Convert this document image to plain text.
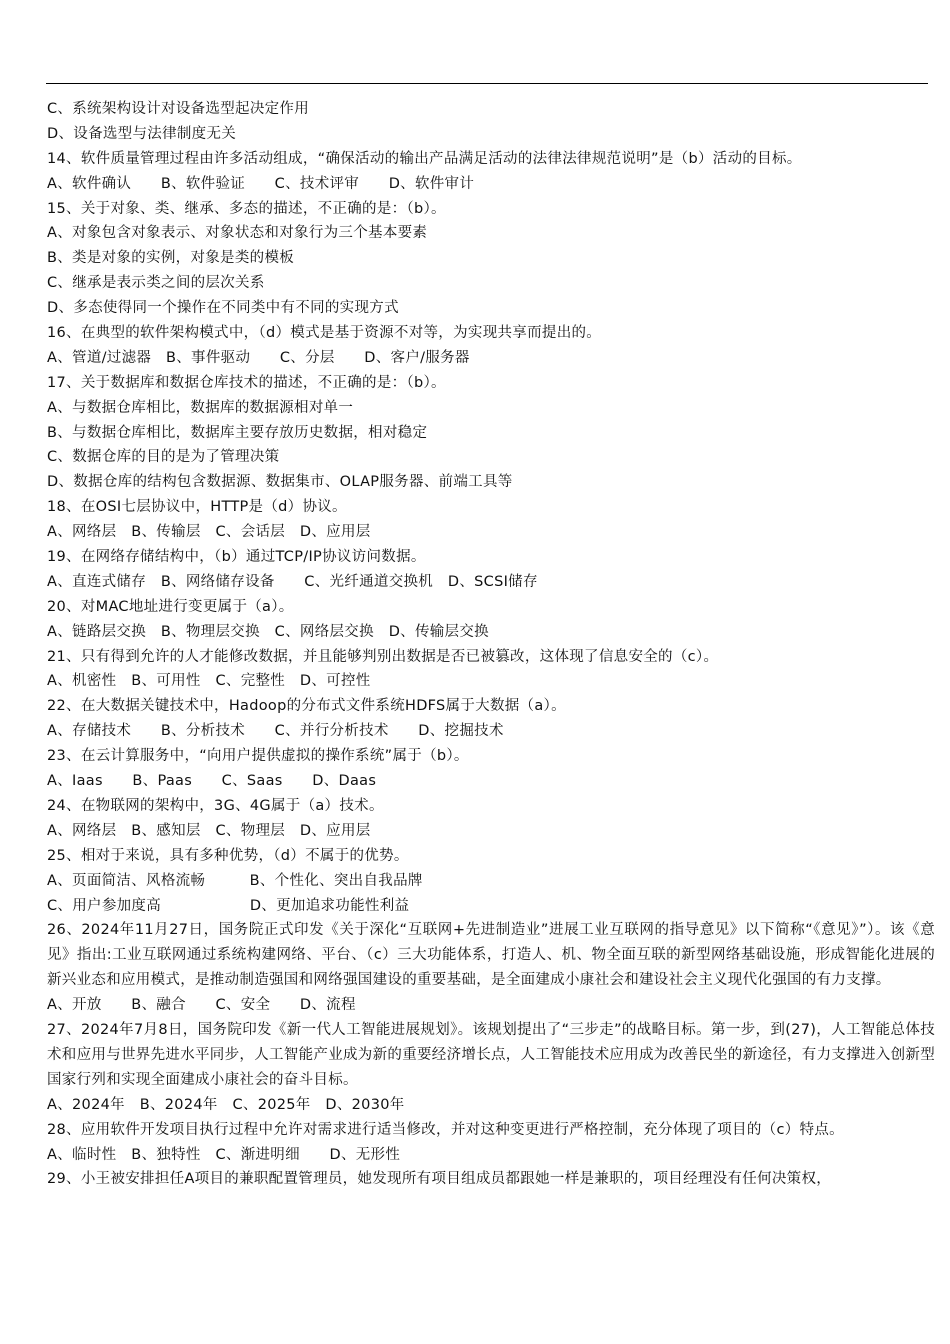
C、系统架构设计对设备选型起决定作用
D、设备选型与法律制度无关
14、软件质量管理过程由许多活动组成，“确保活动的输出产品满足活动的法律法律规范说明”是（b）活动的目标。
A、软件确认　　B、软件验证　　C、技术评审　　D、软件审计
15、关于对象、类、继承、多态的描述，不正确的是：（b）。
A、对象包含对象表示、对象状态和对象行为三个基本要素
B、类是对象的实例，对象是类的模板
C、继承是表示类之间的层次关系
D、多态使得同一个操作在不同类中有不同的实现方式
16、在典型的软件架构模式中，（d）模式是基于资源不对等，为实现共享而提出的。
A、管道/过滤器　B、事件驱动　　C、分层　　D、客户/服务器
17、关于数据库和数据仓库技术的描述，不正确的是：（b）。
A、与数据仓库相比，数据库的数据源相对单一
B、与数据仓库相比，数据库主要存放历史数据，相对稳定
C、数据仓库的目的是为了管理决策
D、数据仓库的结构包含数据源、数据集市、OLAP服务器、前端工具等
18、在OSI七层协议中，HTTP是（d）协议。
A、网络层　B、传输层　C、会话层　D、应用层
19、在网络存储结构中，（b）通过TCP/IP协议访问数据。
A、直连式储存　B、网络储存设备　　C、光纤通道交换机　D、SCSI储存
20、对MAC地址进行变更属于（a）。
A、链路层交换　B、物理层交换　C、网络层交换　D、传输层交换
21、只有得到允许的人才能修改数据，并且能够判别出数据是否已被篡改，这体现了信息安全的（c）。
A、机密性　B、可用性　C、完整性　D、可控性
22、在大数据关键技术中，Hadoop的分布式文件系统HDFS属于大数据（a）。
A、存储技术　　B、分析技术　　C、并行分析技术　　D、挖掘技术
23、在云计算服务中，“向用户提供虚拟的操作系统”属于（b）。
A、Iaas　　B、Paas　　C、Saas　　D、Daas
24、在物联网的架构中，3G、4G属于（a）技术。
A、网络层　B、感知层　C、物理层　D、应用层
25、相对于来说，具有多种优势，（d）不属于的优势。
A、页面简洁、风格流畅　　　B、个性化、突出自我品牌
C、用户参加度高　　　　　　D、更加追求功能性利益
26、2024年11月27日，国务院正式印发《关于深化“互联网+先进制造业”进展工业互联网的指导意见》以下简称“《意见》”）。该《意见》指出:工业互联网通过系统构建网络、平台、（c）三大功能体系，打造人、机、物全面互联的新型网络基础设施，形成智能化进展的新兴业态和应用模式，是推动制造强国和网络强国建设的重要基础，是全面建成小康社会和建设社会主义现代化强国的有力支撑。
A、开放　　B、融合　　C、安全　　D、流程
27、2024年7月8日，国务院印发《新一代人工智能进展规划》。该规划提出了“三步走”的战略目标。第一步，到(27)，人工智能总体技术和应用与世界先进水平同步，人工智能产业成为新的重要经济增长点，人工智能技术应用成为改善民坐的新途径，有力支撑进入创新型国家行列和实现全面建成小康社会的奋斗目标。
A、2024年　B、2024年　C、2025年　D、2030年
28、应用软件开发项目执行过程中允许对需求进行适当修改，并对这种变更进行严格控制，充分体现了项目的（c）特点。
A、临时性　B、独特性　C、渐进明细　　D、无形性
29、小王被安排担任A项目的兼职配置管理员，她发现所有项目组成员都跟她一样是兼职的，项目经理没有任何决策权，
